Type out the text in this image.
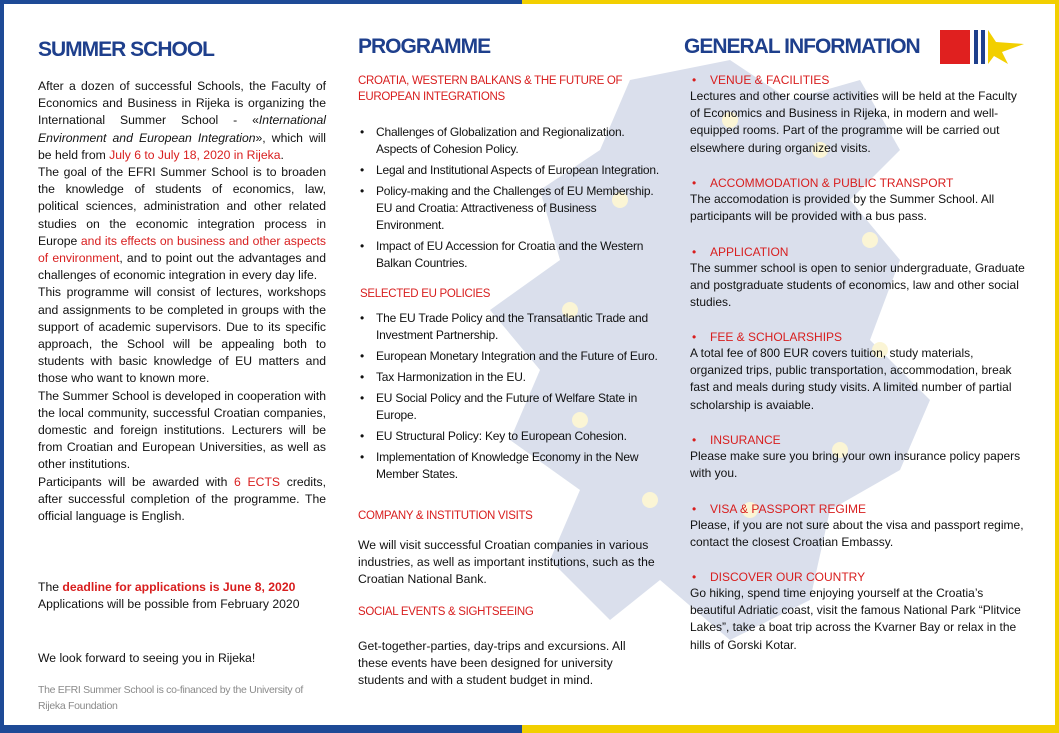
SUMMER SCHOOL

After a dozen of successful Schools, the Faculty of Economics and Business in Rijeka is organizing the International Summer School - «International Environment and European Integration», which will be held from July 6 to July 18, 2020 in Rijeka.

The goal of the EFRI Summer School is to broaden the knowledge of students of economics, law, political sciences, administration and other related studies on the economic integration process in Europe and its effects on business and other aspects of environment, and to point out the advantages and challenges of economic integration in every day life.

This programme will consist of lectures, workshops and assignments to be completed in groups with the support of academic supervisors. Due to its specific approach, the School will be appealing both to students with basic knowledge of EU matters and those who want to known more.

The Summer School is developed in cooperation with the local community, successful Croatian companies, domestic and foreign institutions. Lecturers will be from Croatian and European Universities, as well as other institutions.

Participants will be awarded with 6 ECTS credits, after successful completion of the programme. The official language is English.

The deadline for applications is June 8, 2020

Applications will be possible from February 2020

We look forward to seeing you in Rijeka!

The EFRI Summer School is co-financed by the University of Rijeka Foundation

PROGRAMME
CROATIA, WESTERN BALKANS & THE FUTURE OF EUROPEAN INTEGRATIONS
• Challenges of Globalization and Regionalization. Aspects of Cohesion Policy.
• Legal and Institutional Aspects of European Integration.
• Policy-making and the Challenges of EU Membership. EU and Croatia: Attractiveness of Business Environment.
• Impact of EU Accession for Croatia and the Western Balkan Countries.
SELECTED EU POLICIES
• The EU Trade Policy and the Transatlantic Trade and Investment Partnership.
• European Monetary Integration and the Future of Euro.
• Tax Harmonization in the EU.
• EU Social Policy and the Future of Welfare State in Europe.
• EU Structural Policy: Key to European Cohesion.
• Implementation of Knowledge Economy in the New Member States.
COMPANY & INSTITUTION VISITS

We will visit successful Croatian companies in various industries, as well as important institutions, such as the Croatian National Bank.

SOCIAL EVENTS & SIGHTSEEING

Get-together-parties, day-trips and excursions. All these events have been designed for university students and with a student budget in mind.

GENERAL INFORMATION
• VENUE & FACILITIES
Lectures and other course activities will be held at the Faculty of Economics and Business in Rijeka, in modern and well-equipped rooms. Part of the programme will be carried out elsewhere during organized visits.
• ACCOMMODATION & PUBLIC TRANSPORT
The accomodation is provided by the Summer School. All participants will be provided with a bus pass.
• APPLICATION
The summer school is open to senior undergraduate, Graduate and postgraduate students of economics, law and other social studies.
• FEE & SCHOLARSHIPS
A total fee of 800 EUR covers tuition, study materials, organized trips, public transportation, accommodation, break fast and meals during study visits. A limited number of partial scholarship is avaiable.
• INSURANCE
Please make sure you bring your own insurance policy papers with you.
• VISA & PASSPORT REGIME
Please, if you are not sure about the visa and passport regime, contact the closest Croatian Embassy.
• DISCOVER OUR COUNTRY
Go hiking, spend time enjoying yourself at the Croatia’s beautiful Adriatic coast, visit the famous National Park “Plitvice Lakes”, take a boat trip across the Kvarner Bay or relax in the hills of Gorski Kotar.
